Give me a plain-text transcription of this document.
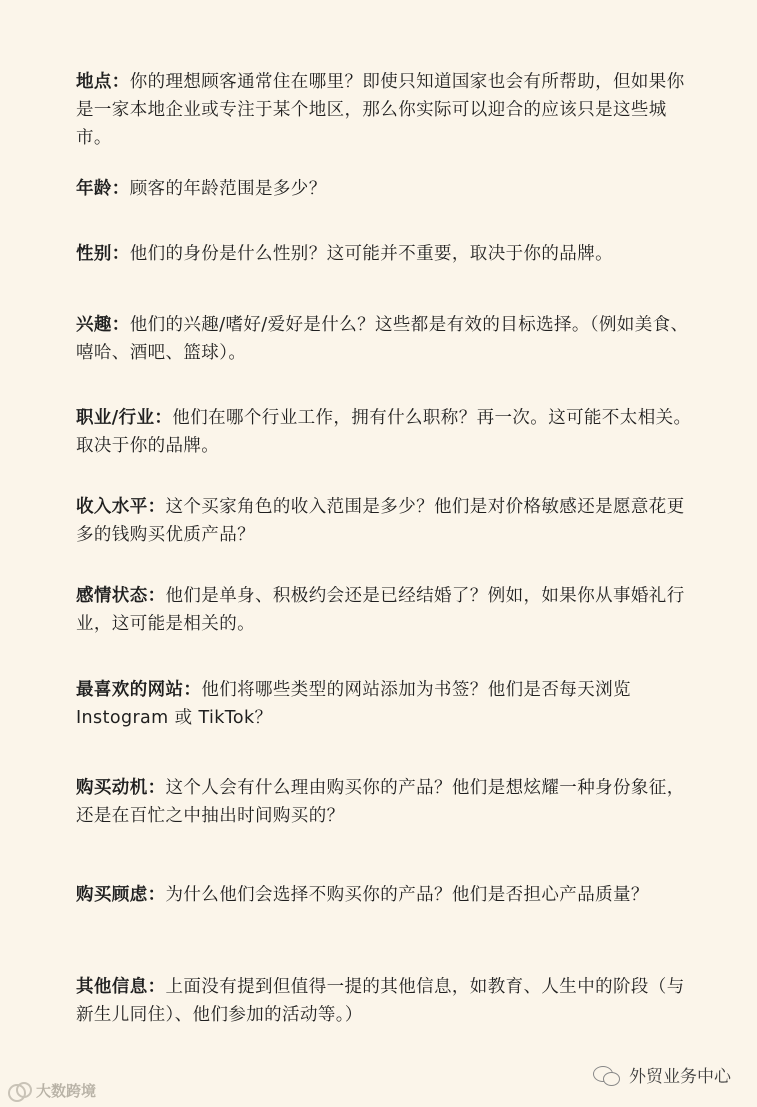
地点：你的理想顾客通常住在哪里？即使只知道国家也会有所帮助，但如果你是一家本地企业或专注于某个地区，那么你实际可以迎合的应该只是这些城市。

年龄：顾客的年龄范围是多少？

性别：他们的身份是什么性别？这可能并不重要，取决于你的品牌。

兴趣：他们的兴趣/嗜好/爱好是什么？这些都是有效的目标选择。（例如美食、嘻哈、酒吧、篮球）。

职业/行业：他们在哪个行业工作，拥有什么职称？再一次。这可能不太相关。取决于你的品牌。

收入水平：这个买家角色的收入范围是多少？他们是对价格敏感还是愿意花更多的钱购买优质产品？

感情状态：他们是单身、积极约会还是已经结婚了？例如，如果你从事婚礼行业，这可能是相关的。

最喜欢的网站：他们将哪些类型的网站添加为书签？他们是否每天浏览 Instogram 或 TikTok？

购买动机：这个人会有什么理由购买你的产品？他们是想炫耀一种身份象征，还是在百忙之中抽出时间购买的？

购买顾虑：为什么他们会选择不购买你的产品？他们是否担心产品质量？

其他信息：上面没有提到但值得一提的其他信息，如教育、人生中的阶段（与新生儿同住）、他们参加的活动等。）

外贸业务中心
大数跨境
